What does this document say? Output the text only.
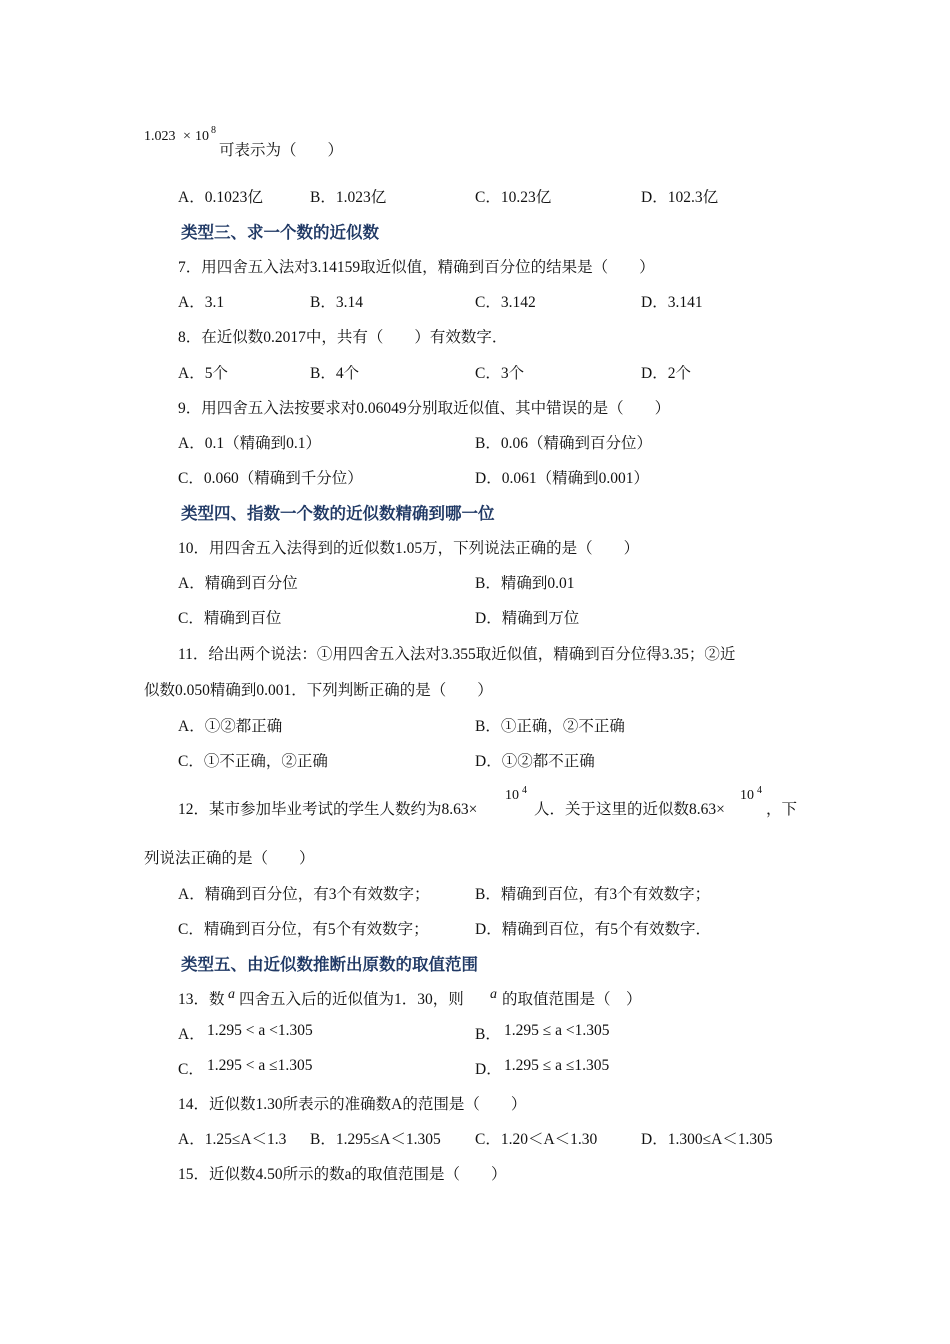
1.023 × 10 8
可表示为（　　）
A．0.1023亿	B．1.023亿	C．10.23亿	D．102.3亿
类型三、求一个数的近似数
7．用四舍五入法对3.14159取近似值，精确到百分位的结果是（　　）
A．3.1	B．3.14	C．3.142	D．3.141
8．在近似数0.2017中，共有（　　）有效数字．
A．5个	B．4个	C．3个	D．2个
9．用四舍五入法按要求对0.06049分别取近似值、其中错误的是（　　）
A．0.1（精确到0.1）	B．0.06（精确到百分位）
C．0.060（精确到千分位）	D．0.061（精确到0.001）
类型四、指数一个数的近似数精确到哪一位
10．用四舍五入法得到的近似数1.05万，下列说法正确的是（　　）
A．精确到百分位	B．精确到0.01
C．精确到百位	D．精确到万位
11．给出两个说法：①用四舍五入法对3.355取近似值，精确到百分位得3.35；②近
似数0.050精确到0.001．下列判断正确的是（　　）
A．①②都正确	B．①正确，②不正确
C．①不正确，②正确	D．①②都不正确
12．某市参加毕业考试的学生人数约为8.63×
10 4
人．关于这里的近似数8.63×
10 4
，下
列说法正确的是（　　）
A．精确到百分位，有3个有效数字；	B．精确到百位，有3个有效数字；
C．精确到百分位，有5个有效数字；	D．精确到百位，有5个有效数字．
类型五、由近似数推断出原数的取值范围
13．数 a 四舍五入后的近似值为1．30，则 a 的取值范围是（　）
A． 1.295 < a <1.305	B． 1.295 ≤ a <1.305
C． 1.295 < a ≤1.305	D． 1.295 ≤ a ≤1.305
14．近似数1.30所表示的准确数A的范围是（　　）
A．1.25≤A＜1.3 B．1.295≤A＜1.305 C．1.20＜A＜1.30	D．1.300≤A＜1.305
15．近似数4.50所示的数a的取值范围是（　　）
